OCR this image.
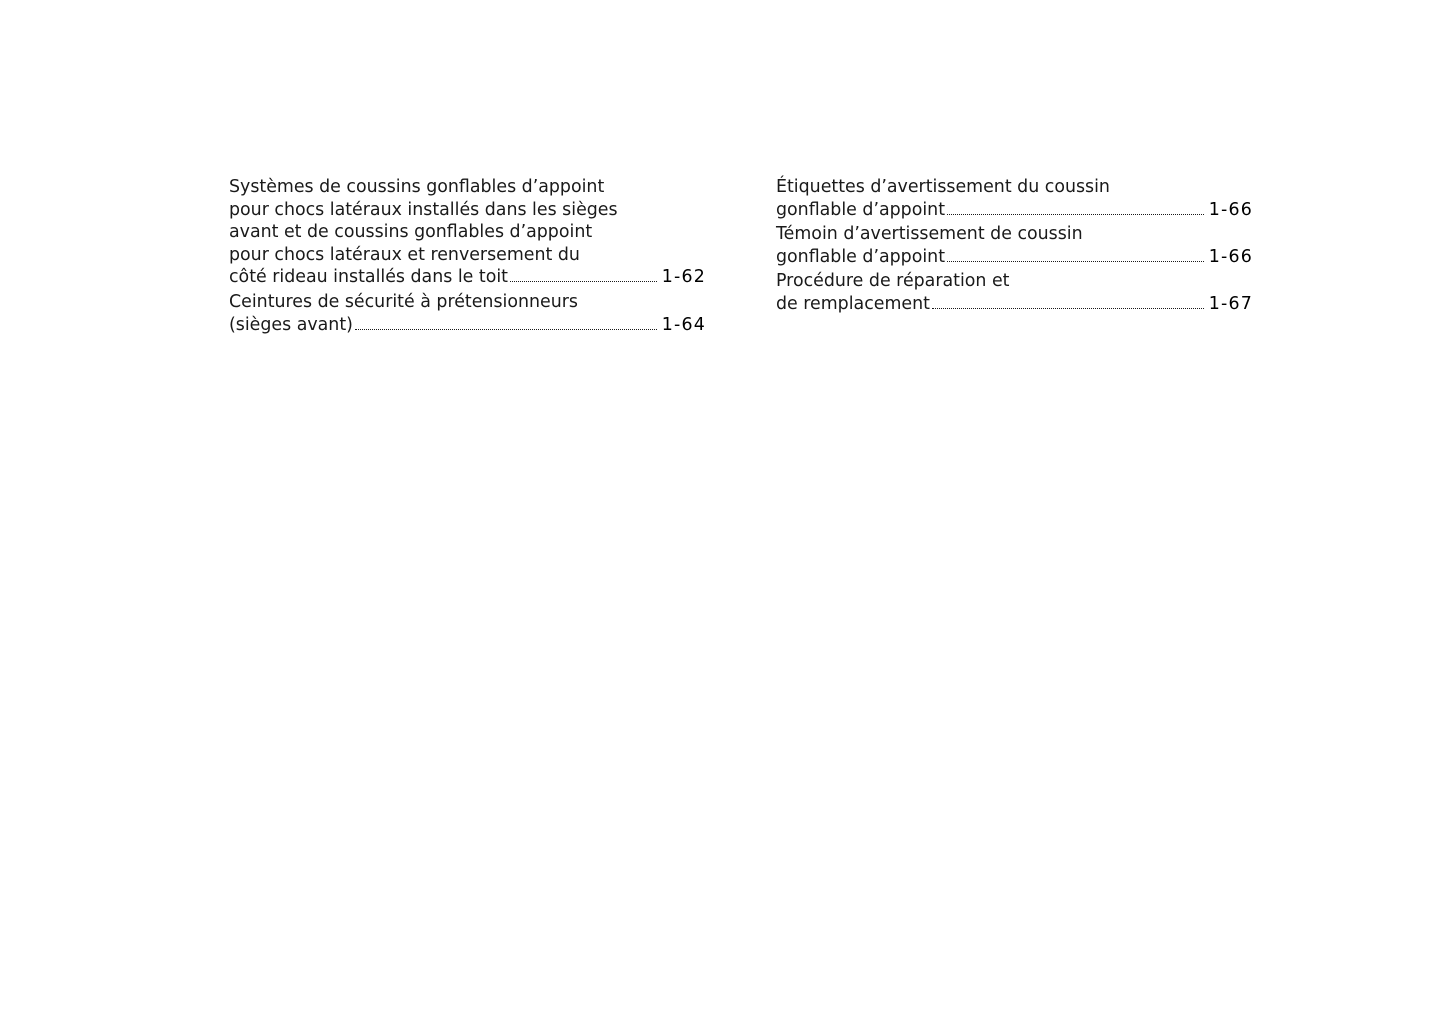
Systèmes de coussins gonflables d’appoint
pour chocs latéraux installés dans les sièges
avant et de coussins gonflables d’appoint
pour chocs latéraux et renversement du
côté rideau installés dans le toit	1-62
Ceintures de sécurité à prétensionneurs
(sièges avant)	1-64
Étiquettes d’avertissement du coussin
gonflable d’appoint	1-66
Témoin d’avertissement de coussin
gonflable d’appoint	1-66
Procédure de réparation et
de remplacement	1-67
